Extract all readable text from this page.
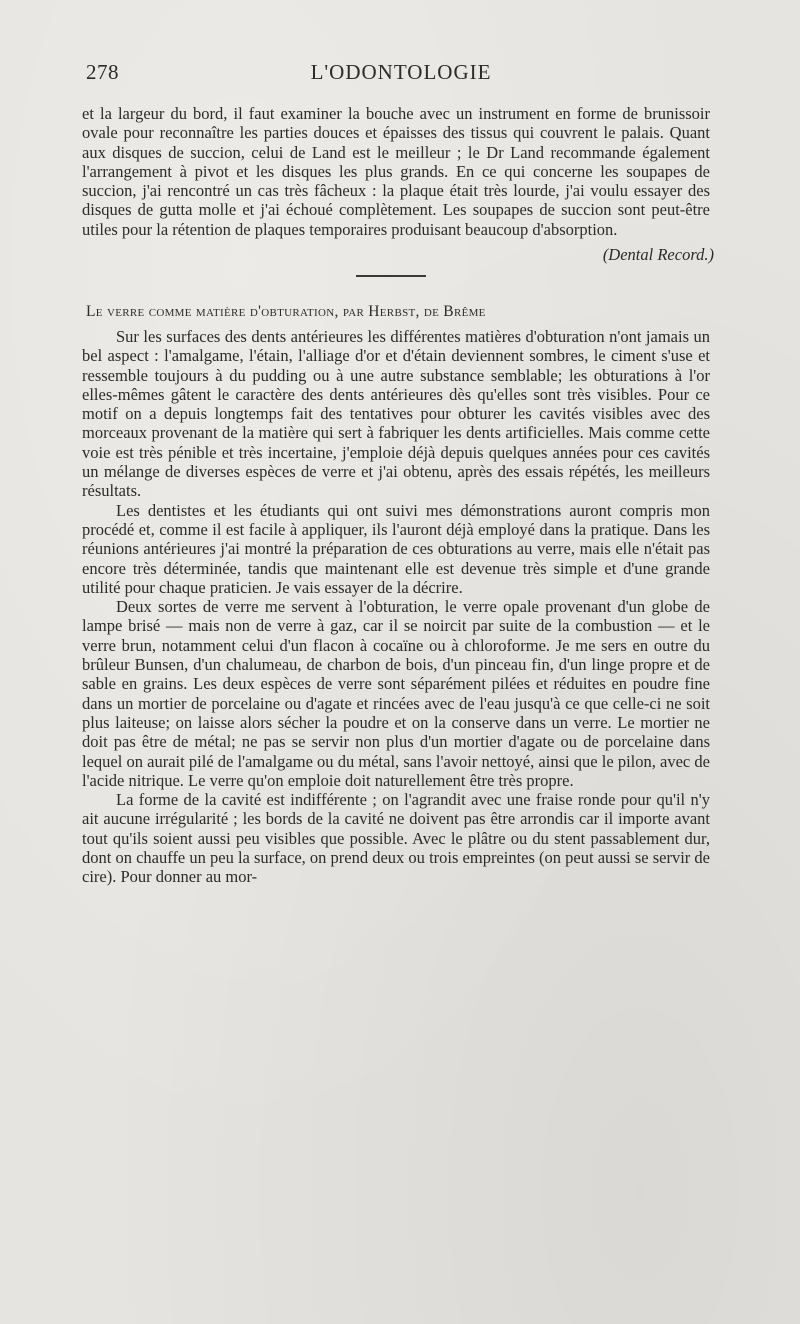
278	L'ODONTOLOGIE

et la largeur du bord, il faut examiner la bouche avec un instrument en forme de brunissoir ovale pour reconnaître les parties douces et épaisses des tissus qui couvrent le palais. Quant aux disques de succion, celui de Land est le meilleur ; le Dr Land recommande également l'arrangement à pivot et les disques les plus grands. En ce qui concerne les soupapes de succion, j'ai rencontré un cas très fâcheux : la plaque était très lourde, j'ai voulu essayer des disques de gutta molle et j'ai échoué complètement. Les soupapes de succion sont peut-être utiles pour la rétention de plaques temporaires produisant beaucoup d'absorption.

(Dental Record.)
Le verre comme matière d'obturation, par Herbst, de Brême

Sur les surfaces des dents antérieures les différentes matières d'obturation n'ont jamais un bel aspect : l'amalgame, l'étain, l'alliage d'or et d'étain deviennent sombres, le ciment s'use et ressemble toujours à du pudding ou à une autre substance semblable; les obturations à l'or elles-mêmes gâtent le caractère des dents antérieures dès qu'elles sont très visibles. Pour ce motif on a depuis longtemps fait des tentatives pour obturer les cavités visibles avec des morceaux provenant de la matière qui sert à fabriquer les dents artificielles. Mais comme cette voie est très pénible et très incertaine, j'emploie déjà depuis quelques années pour ces cavités un mélange de diverses espèces de verre et j'ai obtenu, après des essais répétés, les meilleurs résultats.

Les dentistes et les étudiants qui ont suivi mes démonstrations auront compris mon procédé et, comme il est facile à appliquer, ils l'auront déjà employé dans la pratique. Dans les réunions antérieures j'ai montré la préparation de ces obturations au verre, mais elle n'était pas encore très déterminée, tandis que maintenant elle est devenue très simple et d'une grande utilité pour chaque praticien. Je vais essayer de la décrire.

Deux sortes de verre me servent à l'obturation, le verre opale provenant d'un globe de lampe brisé — mais non de verre à gaz, car il se noircit par suite de la combustion — et le verre brun, notamment celui d'un flacon à cocaïne ou à chloroforme. Je me sers en outre du brûleur Bunsen, d'un chalumeau, de charbon de bois, d'un pinceau fin, d'un linge propre et de sable en grains. Les deux espèces de verre sont séparément pilées et réduites en poudre fine dans un mortier de porcelaine ou d'agate et rincées avec de l'eau jusqu'à ce que celle-ci ne soit plus laiteuse; on laisse alors sécher la poudre et on la conserve dans un verre. Le mortier ne doit pas être de métal; ne pas se servir non plus d'un mortier d'agate ou de porcelaine dans lequel on aurait pilé de l'amalgame ou du métal, sans l'avoir nettoyé, ainsi que le pilon, avec de l'acide nitrique. Le verre qu'on emploie doit naturellement être très propre.

La forme de la cavité est indifférente ; on l'agrandit avec une fraise ronde pour qu'il n'y ait aucune irrégularité ; les bords de la cavité ne doivent pas être arrondis car il importe avant tout qu'ils soient aussi peu visibles que possible. Avec le plâtre ou du stent passablement dur, dont on chauffe un peu la surface, on prend deux ou trois empreintes (on peut aussi se servir de cire). Pour donner au mor-
